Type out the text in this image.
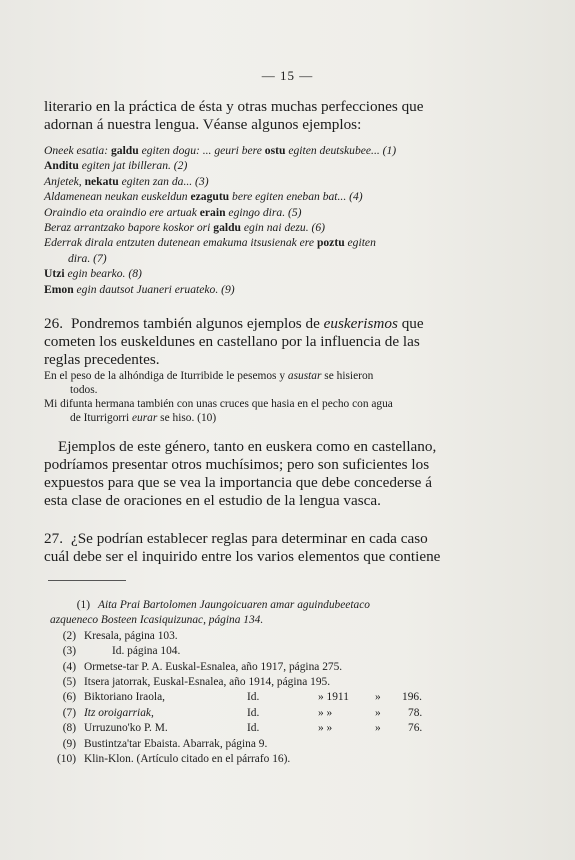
— 15 —

literario en la práctica de ésta y otras muchas perfecciones que

adornan á nuestra lengua. Véanse algunos ejemplos:

Oneek esatia: galdu egiten dogu: ... geuri bere ostu egiten deutskubee... (1)
Anditu egiten jat ibilleran. (2)
Anjetek, nekatu egiten zan da... (3)
Aldamenean neukan euskeldun ezagutu bere egiten eneban bat... (4)
Oraindio eta oraindio ere artuak erain egingo dira. (5)
Beraz arrantzako bapore koskor ori galdu egin nai dezu. (6)
Ederrak dirala entzuten dutenean emakuma itsusienak ere poztu egiten
dira. (7)
Utzi egin bearko. (8)
Emon egin dautsot Juaneri eruateko. (9)

26. Pondremos también algunos ejemplos de euskerismos que

cometen los euskeldunes en castellano por la influencia de las

reglas precedentes.

En el peso de la alhóndiga de Iturribide le pesemos y asustar se hisieron
todos.
Mi difunta hermana también con unas cruces que hasia en el pecho con agua
de Iturrigorri eurar se hiso. (10)

Ejemplos de este género, tanto en euskera como en castellano,

podríamos presentar otros muchísimos; pero son suficientes los

expuestos para que se vea la importancia que debe concederse á

esta clase de oraciones en el estudio de la lengua vasca.

27. ¿Se podrían establecer reglas para determinar en cada caso

cuál debe ser el inquirido entre los varios elementos que contiene

(1) Aita Prai Bartolomen Jaungoicuaren amar aguindubeetaco
azquenеco Bosteen Icasiquizunac, página 134.
(2) Kresala, página 103.
(3)	Id. página 104.
(4) Ormetse-tar P. A. Euskal-Esnalea, año 1917, página 275.
(5) Itsera jatorrak, Euskal-Esnalea, año 1914, página 195.
(6) Biktoriano Iraola,	Id.	» 1911 » 196.
(7) Itz oroigarriak,	Id.	» »	» 78.
(8) Urruzuno'ko P. M.	Id.	» »	» 76.
(9) Bustintza'tar Ebaista. Abarrak, página 9.
(10) Klin-Klon. (Artículo citado en el párrafo 16).
